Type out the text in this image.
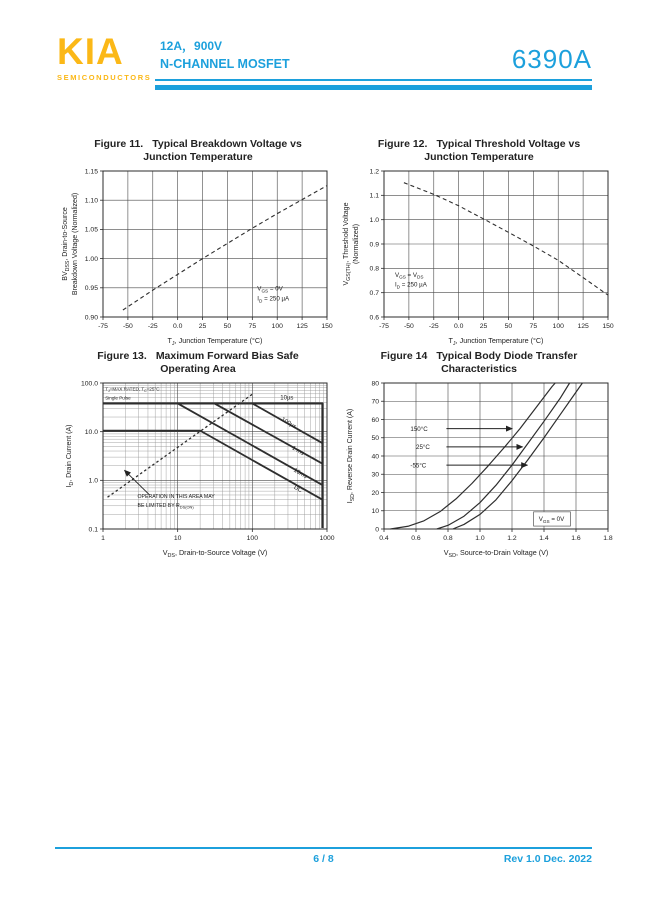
KIA
SEMICONDUCTORS
12A，900V
N-CHANNEL MOSFET	6390A
Figure 11. Typical Breakdown Voltage vs
Junction Temperature
$V_{GS} = 0V$
$I_D = 250$ µA
-75 -50 -25 0.0 25	50	75 100 125 150
0.90
0.95
1.00
1.05
1.10
1.15
$T_J$, Junction Temperature (°C)
$BV_{DSS}$, Drain-to-Source Breakdown Voltage (Normalized)
Figure 12. Typical Threshold Voltage vs
Junction Temperature
$V_{GS} = V_{DS}$
$I_D = 250$ µA
-75 -50 -25 0.0 25	50	75 100 125 150
0.6
0.7
0.8
0.9
1.0
1.1
1.2
$T_J$, Junction Temperature (°C)
$V_{GS(TH)}$, Threshold Voltage (Normalized)
Figure 13. Maximum Forward Bias Safe
Operating Area
$T_J=MAX$ RATED, $T_C=25^\circ C$
Single Pulse	10µs
100µs
1 ms
10ms
DC
OPERATION IN THIS AREA MAY
BE LIMITED BY $R_{DS(ON)}$
1	10	100	1000
0.1
1.0
10.0
100.0
$V_{DS}$, Drain-to-Source Voltage (V)
$I_D$, Drain Current (A)
Figure 14 Typical Body Diode Transfer
Characteristics
150°C
25°C
-55°C
$V_{GS} = 0V$
0.4	0.6	0.8	1.0	1.2	1.4	1.6	1.8
0
10
20
30
40
50
60
70
80
$V_{SD}$, Source-to-Drain Voltage (V)
$I_{SD}$, Reverse Drain Current (A)
6 / 8	Rev 1.0 Dec. 2022
